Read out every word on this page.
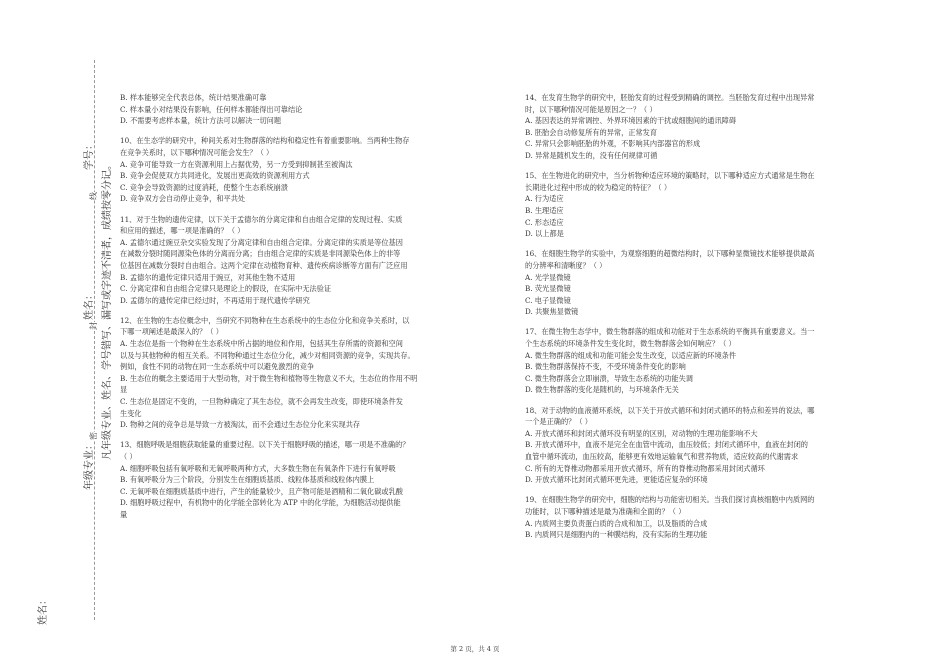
姓名：
年级专业：
姓名：
学号：
凡年级专业、姓名、学号错写、漏写或字迹不清者，成绩按零分记。
密
封
线

B. 样本能够完全代表总体，统计结果准确可靠

C. 样本量小对结果没有影响，任何样本都能得出可靠结论

D. 不需要考虑样本量，统计方法可以解决一切问题

10、在生态学的研究中，种间关系对生物群落的结构和稳定性有着重要影响。当两种生物存

在竞争关系时，以下哪种情况可能会发生？（ ）

A. 竞争可能导致一方在资源利用上占据优势，另一方受到抑制甚至被淘汰

B. 竞争会促使双方共同进化，发展出更高效的资源利用方式

C. 竞争会导致资源的过度消耗，使整个生态系统崩溃

D. 竞争双方会自动停止竞争，和平共处

11、对于生物的遗传定律，以下关于孟德尔的分离定律和自由组合定律的发现过程、实质

和应用的描述，哪一项是准确的？（ ）

A. 孟德尔通过豌豆杂交实验发现了分离定律和自由组合定律。分离定律的实质是等位基因

在减数分裂时随同源染色体的分离而分离；自由组合定律的实质是非同源染色体上的非等

位基因在减数分裂时自由组合。这两个定律在动植物育种、遗传疾病诊断等方面有广泛应用

B. 孟德尔的遗传定律只适用于豌豆，对其他生物不适用

C. 分离定律和自由组合定律只是理论上的假设，在实际中无法验证

D. 孟德尔的遗传定律已经过时，不再适用于现代遗传学研究

12、在生物的生态位概念中，当研究不同物种在生态系统中的生态位分化和竞争关系时，以

下哪一项阐述是最深入的？（ ）

A. 生态位是指一个物种在生态系统中所占据的地位和作用，包括其生存所需的资源和空间

以及与其他物种的相互关系。不同物种通过生态位分化，减少对相同资源的竞争，实现共存。

例如，食性不同的动物在同一生态系统中可以避免激烈的竞争

B. 生态位的概念主要适用于大型动物，对于微生物和植物等生物意义不大，生态位的作用不明

显

C. 生态位是固定不变的，一旦物种确定了其生态位，就不会再发生改变，即使环境条件发

生变化

D. 物种之间的竞争总是导致一方被淘汰，而不会通过生态位分化来实现共存

13、细胞呼吸是细胞获取能量的重要过程。以下关于细胞呼吸的描述，哪一项是不准确的？

（ ）

A. 细胞呼吸包括有氧呼吸和无氧呼吸两种方式，大多数生物在有氧条件下进行有氧呼吸

B. 有氧呼吸分为三个阶段，分别发生在细胞质基质、线粒体基质和线粒体内膜上

C. 无氧呼吸在细胞质基质中进行，产生的能量较少，且产物可能是酒精和二氧化碳或乳酸

D. 细胞呼吸过程中，有机物中的化学能全部转化为 ATP 中的化学能，为细胞活动提供能

量

14、在发育生物学的研究中，胚胎发育的过程受到精确的调控。当胚胎发育过程中出现异常

时，以下哪种情况可能是原因之一？（ ）

A. 基因表达的异常调控、外界环境因素的干扰或细胞间的通讯障碍

B. 胚胎会自动修复所有的异常，正常发育

C. 异常只会影响胚胎的外观，不影响其内部器官的形成

D. 异常是随机发生的，没有任何规律可循

15、在生物进化的研究中，当分析物种适应环境的策略时，以下哪种适应方式通常是生物在

长期进化过程中形成的较为稳定的特征？（ ）

A. 行为适应

B. 生理适应

C. 形态适应

D. 以上都是

16、在细胞生物学的实验中，为观察细胞的超微结构时，以下哪种显微镜技术能够提供最高

的分辨率和清晰度？（ ）

A. 光学显微镜

B. 荧光显微镜

C. 电子显微镜

D. 共聚焦显微镜

17、在微生物生态学中，微生物群落的组成和功能对于生态系统的平衡具有重要意义。当一

个生态系统的环境条件发生变化时，微生物群落会如何响应？（ ）

A. 微生物群落的组成和功能可能会发生改变，以适应新的环境条件

B. 微生物群落保持不变，不受环境条件变化的影响

C. 微生物群落会立即崩溃，导致生态系统的功能失调

D. 微生物群落的变化是随机的，与环境条件无关

18、对于动物的血液循环系统，以下关于开放式循环和封闭式循环的特点和差异的说法，哪

一个是正确的？（ ）

A. 开放式循环和封闭式循环没有明显的区别，对动物的生理功能影响不大

B. 开放式循环中，血液不是完全在血管中流动，血压较低；封闭式循环中，血液在封闭的

血管中循环流动，血压较高，能够更有效地运输氧气和营养物质，适应较高的代谢需求

C. 所有的无脊椎动物都采用开放式循环，所有的脊椎动物都采用封闭式循环

D. 开放式循环比封闭式循环更先进，更能适应复杂的环境

19、在细胞生物学的研究中，细胞的结构与功能密切相关。当我们探讨真核细胞中内质网的

功能时，以下哪种描述是最为准确和全面的？（ ）

A. 内质网主要负责蛋白质的合成和加工，以及脂质的合成

B. 内质网只是细胞内的一种膜结构，没有实际的生理功能

第 2 页，共 4 页
